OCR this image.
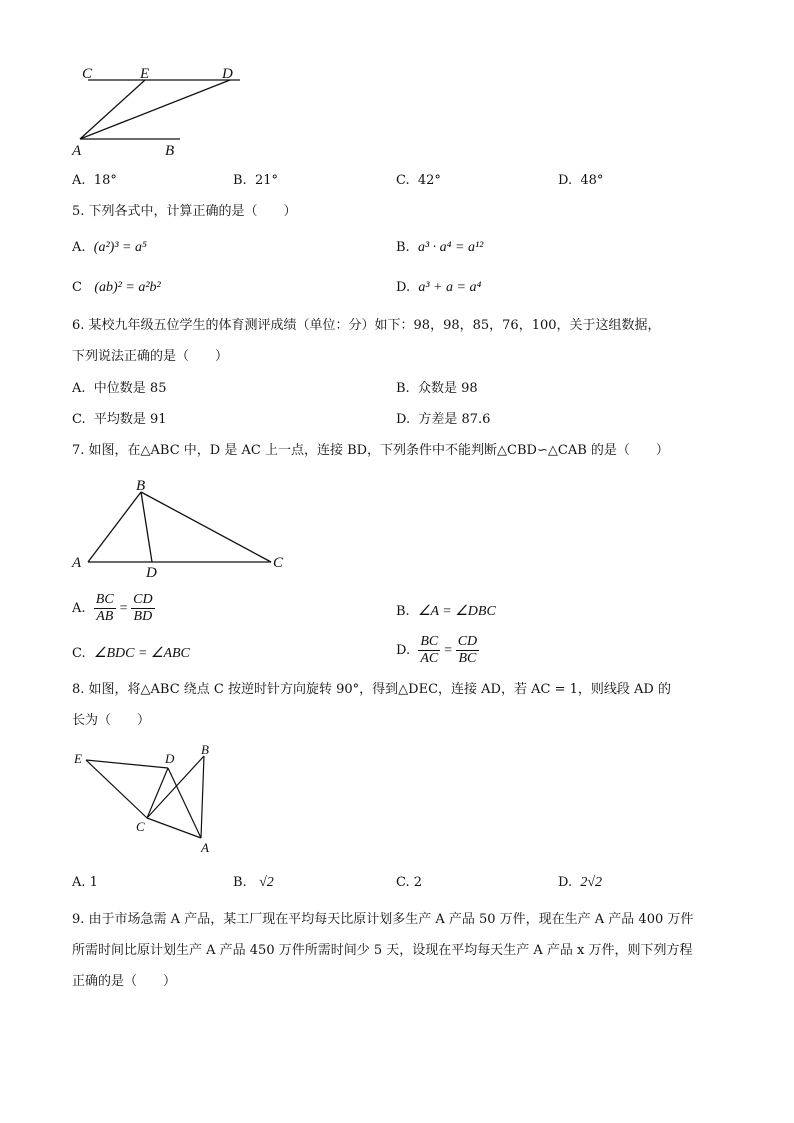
C	E	D
A	B
A. 18°	B. 21°	C. 42°	D. 48°
5. 下列各式中，计算正确的是（　　）
A. (a²)³ = a⁵	B. a³ · a⁴ = a¹²
C (ab)² = a²b²	D. a³ + a = a⁴
6. 某校九年级五位学生的体育测评成绩（单位：分）如下：98，98，85，76，100，关于这组数据，
下列说法正确的是（　　）
A. 中位数是 85	B. 众数是 98
C. 平均数是 91	D. 方差是 87.6
7. 如图，在△ABC 中，D 是 AC 上一点，连接 BD，下列条件中不能判断△CBD∽△CAB 的是（　　）
B
A
D
C
A.
$\frac{BC}{AB} = \frac{CD}{BD}$	B. ∠A = ∠DBC
C. ∠BDC = ∠ABC	D.
$\frac{BC}{AC} = \frac{CD}{BC}$
8. 如图，将△ABC 绕点 C 按逆时针方向旋转 90°，得到△DEC，连接 AD，若 AC = 1，则线段 AD 的
长为（　　）
E	D
B
C
A
A. 1	B. √2	C. 2	D. 2√2
9. 由于市场急需 A 产品，某工厂现在平均每天比原计划多生产 A 产品 50 万件，现在生产 A 产品 400 万件
所需时间比原计划生产 A 产品 450 万件所需时间少 5 天，设现在平均每天生产 A 产品 x 万件，则下列方程
正确的是（　　）
